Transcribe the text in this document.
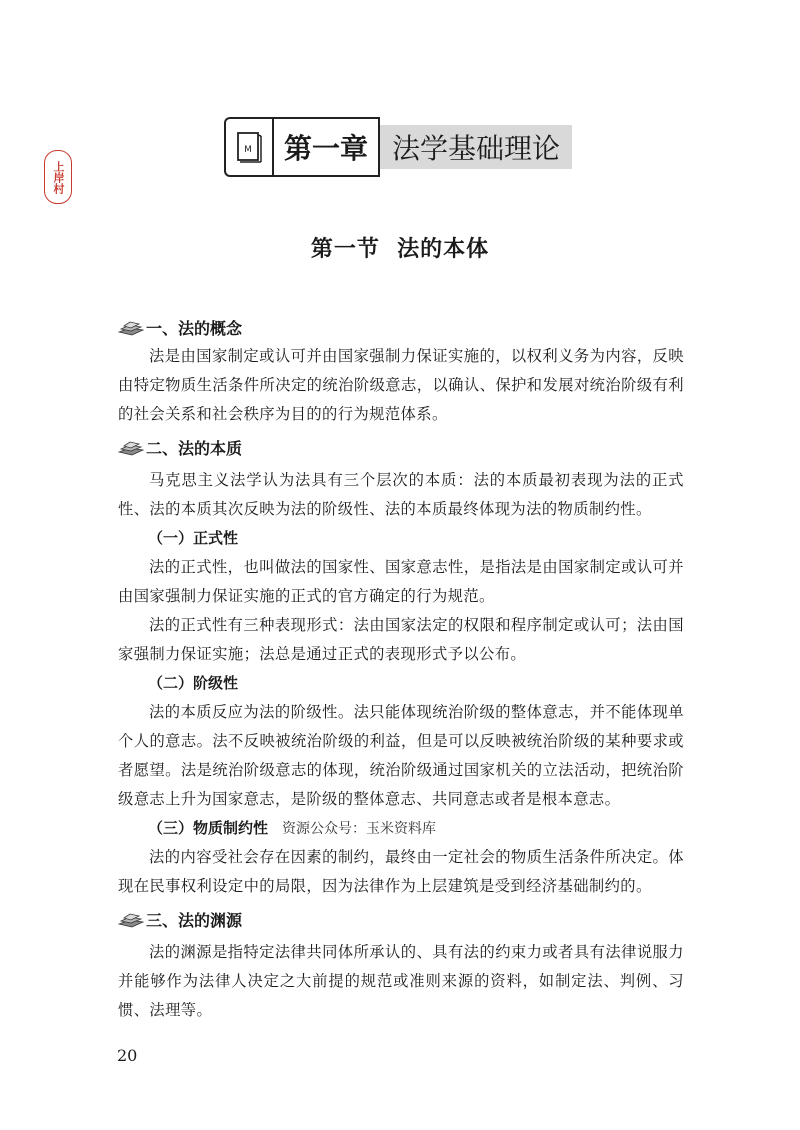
上岸村
M	第一章 法学基础理论
第一节  法的本体
一、法的概念
法是由国家制定或认可并由国家强制力保证实施的，以权利义务为内容，反映由特定物质生活条件所决定的统治阶级意志，以确认、保护和发展对统治阶级有利的社会关系和社会秩序为目的的行为规范体系。
二、法的本质
马克思主义法学认为法具有三个层次的本质：法的本质最初表现为法的正式性、法的本质其次反映为法的阶级性、法的本质最终体现为法的物质制约性。
（一）正式性
法的正式性，也叫做法的国家性、国家意志性，是指法是由国家制定或认可并由国家强制力保证实施的正式的官方确定的行为规范。
法的正式性有三种表现形式：法由国家法定的权限和程序制定或认可；法由国家强制力保证实施；法总是通过正式的表现形式予以公布。
（二）阶级性
法的本质反应为法的阶级性。法只能体现统治阶级的整体意志，并不能体现单个人的意志。法不反映被统治阶级的利益，但是可以反映被统治阶级的某种要求或者愿望。法是统治阶级意志的体现，统治阶级通过国家机关的立法活动，把统治阶级意志上升为国家意志，是阶级的整体意志、共同意志或者是根本意志。
（三）物质制约性 资源公众号：玉米资料库
法的内容受社会存在因素的制约，最终由一定社会的物质生活条件所决定。体现在民事权利设定中的局限，因为法律作为上层建筑是受到经济基础制约的。
三、法的渊源
法的渊源是指特定法律共同体所承认的、具有法的约束力或者具有法律说服力并能够作为法律人决定之大前提的规范或准则来源的资料，如制定法、判例、习惯、法理等。
20
